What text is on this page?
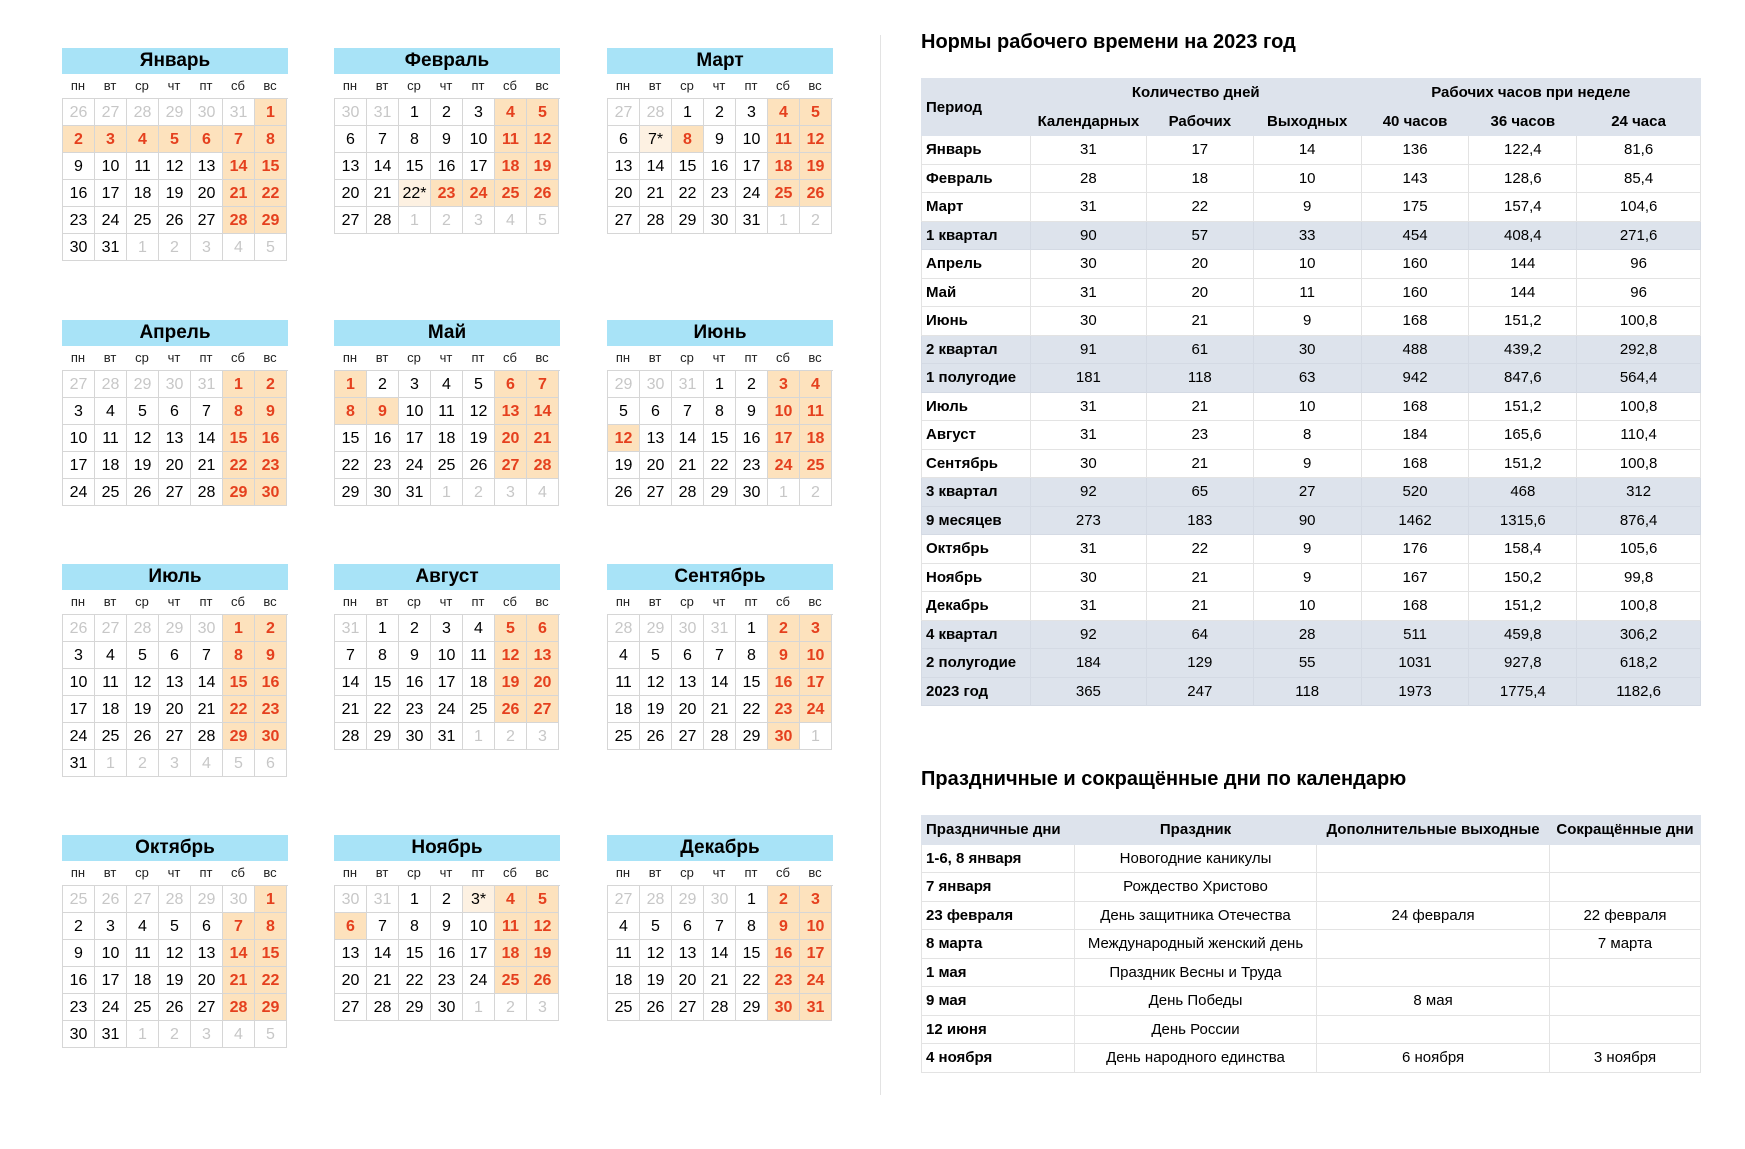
Январь
пн	вт	ср	чт	пт	сб	вс
26 27 28 29 30 31	1
2	3	4	5	6	7	8
9	10 11 12 13 14 15
16 17 18 19 20 21 22
23 24 25 26 27 28 29
30 31	1	2	3	4	5
Февраль
пн	вт	ср	чт	пт	сб	вс
30 31	1	2	3	4	5
6	7	8	9	10 11 12
13 14 15 16 17 18 19
20 21 22* 23 24 25 26
27 28	1	2	3	4	5
Март
пн	вт	ср	чт	пт	сб	вс
27 28	1	2	3	4	5
6	7*	8	9	10 11 12
13 14 15 16 17 18 19
20 21 22 23 24 25 26
27 28 29 30 31	1	2
Апрель
пн	вт	ср	чт	пт	сб	вс
27 28 29 30 31	1	2
3	4	5	6	7	8	9
10 11 12 13 14 15 16
17 18 19 20 21 22 23
24 25 26 27 28 29 30
Май
пн	вт	ср	чт	пт	сб	вс
1	2	3	4	5	6	7
8	9	10 11 12 13 14
15 16 17 18 19 20 21
22 23 24 25 26 27 28
29 30 31	1	2	3	4
Июнь
пн	вт	ср	чт	пт	сб	вс
29 30 31	1	2	3	4
5	6	7	8	9	10 11
12 13 14 15 16 17 18
19 20 21 22 23 24 25
26 27 28 29 30	1	2
Июль
пн	вт	ср	чт	пт	сб	вс
26 27 28 29 30	1	2
3	4	5	6	7	8	9
10 11 12 13 14 15 16
17 18 19 20 21 22 23
24 25 26 27 28 29 30
31	1	2	3	4	5	6
Август
пн	вт	ср	чт	пт	сб	вс
31	1	2	3	4	5	6
7	8	9	10 11 12 13
14 15 16 17 18 19 20
21 22 23 24 25 26 27
28 29 30 31	1	2	3
Сентябрь
пн	вт	ср	чт	пт	сб	вс
28 29 30 31	1	2	3
4	5	6	7	8	9	10
11 12 13 14 15 16 17
18 19 20 21 22 23 24
25 26 27 28 29 30	1
Октябрь
пн	вт	ср	чт	пт	сб	вс
25 26 27 28 29 30	1
2	3	4	5	6	7	8
9	10 11 12 13 14 15
16 17 18 19 20 21 22
23 24 25 26 27 28 29
30 31	1	2	3	4	5
Ноябрь
пн	вт	ср	чт	пт	сб	вс
30 31	1	2	3*	4	5
6	7	8	9	10 11 12
13 14 15 16 17 18 19
20 21 22 23 24 25 26
27 28 29 30	1	2	3
Декабрь
пн	вт	ср	чт	пт	сб	вс
27 28 29 30	1	2	3
4	5	6	7	8	9	10
11 12 13 14 15 16 17
18 19 20 21 22 23 24
25 26 27 28 29 30 31
Нормы рабочего времени на 2023 год
Период	Количество дней			Рабочих часов при неделе		
	Календарных	Рабочих	Выходных	40 часов	36 часов	24 часа
Январь	31	17	14	136	122,4	81,6
Февраль	28	18	10	143	128,6	85,4
Март	31	22	9	175	157,4	104,6
1 квартал	90	57	33	454	408,4	271,6
Апрель	30	20	10	160	144	96
Май	31	20	11	160	144	96
Июнь	30	21	9	168	151,2	100,8
2 квартал	91	61	30	488	439,2	292,8
1 полугодие	181	118	63	942	847,6	564,4
Июль	31	21	10	168	151,2	100,8
Август	31	23	8	184	165,6	110,4
Сентябрь	30	21	9	168	151,2	100,8
3 квартал	92	65	27	520	468	312
9 месяцев	273	183	90	1462	1315,6	876,4
Октябрь	31	22	9	176	158,4	105,6
Ноябрь	30	21	9	167	150,2	99,8
Декабрь	31	21	10	168	151,2	100,8
4 квартал	92	64	28	511	459,8	306,2
2 полугодие	184	129	55	1031	927,8	618,2
2023 год	365	247	118	1973	1775,4	1182,6
Праздничные и сокращённые дни по календарю
Праздничные дни	Праздник	Дополнительные выходные	Сокращённые дни
1-6, 8 января	Новогодние каникулы		
7 января	Рождество Христово		
23 февраля	День защитника Отечества	24 февраля	22 февраля
8 марта	Международный женский день		7 марта
1 мая	Праздник Весны и Труда		
9 мая	День Победы	8 мая	
12 июня	День России		
4 ноября	День народного единства	6 ноября	3 ноября
